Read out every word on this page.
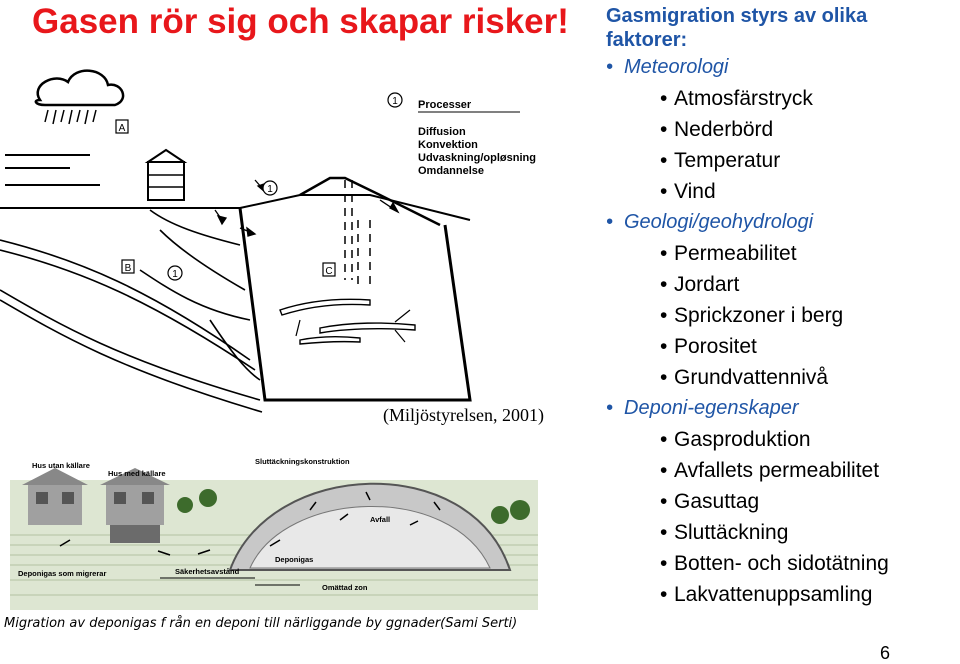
Gasen rör sig och skapar risker!
A
B	C
1
1
1 Processer
Diffusion
Konvektion
Udvaskning/opløsning
Omdannelse
(Miljöstyrelsen, 2001)
Hus utan källare
Hus med källare
Sluttäckningskonstruktion
Avfall
Deponigas som migrerar	Säkerhetsavstånd
Deponigas
Omättad zon
Migration av deponigas f rån en deponi till närliggande by ggnader(Sami Serti)
Gasmigration styrs av olika
faktorer:
• Meteorologi
• Atmosfärstryck
• Nederbörd
• Temperatur
• Vind
• Geologi/geohydrologi
• Permeabilitet
• Jordart
• Sprickzoner i berg
• Porositet
• Grundvattennivå
• Deponi-egenskaper
• Gasproduktion
• Avfallets permeabilitet
• Gasuttag
• Sluttäckning
• Botten- och sidotätning
• Lakvattenuppsamling
6
